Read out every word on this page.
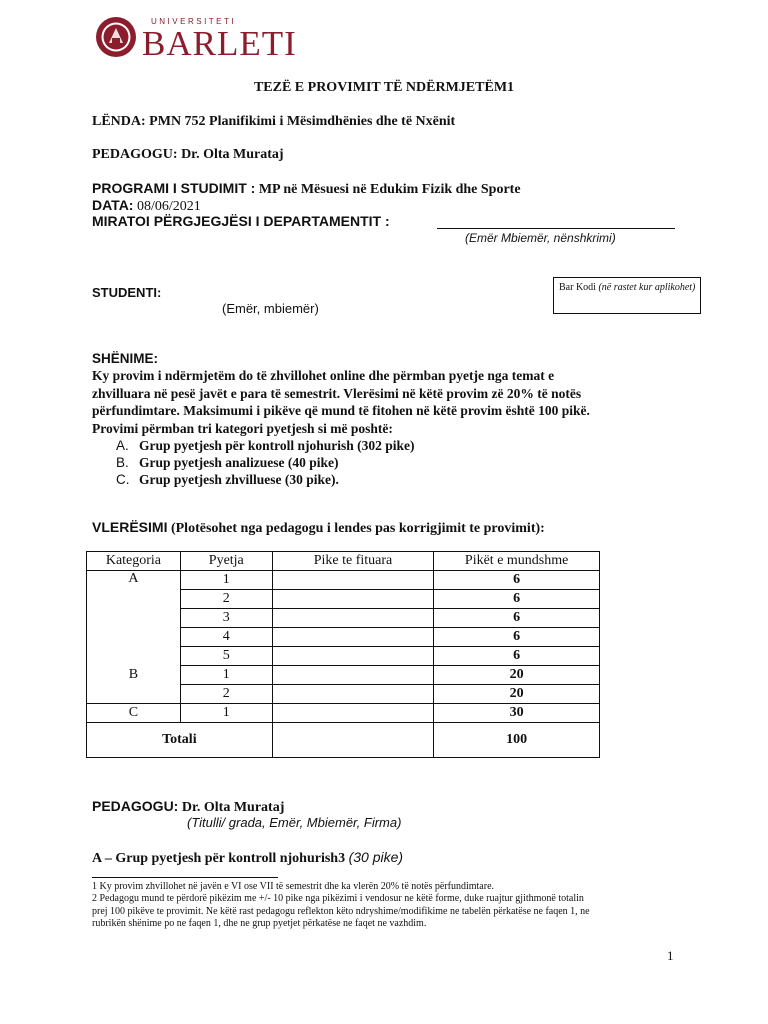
UNIVERSITETI
BARLETI
TEZË E PROVIMIT TË NDËRMJETËM1
LËNDA: PMN 752 Planifikimi i Mësimdhënies dhe të Nxënit
PEDAGOGU: Dr. Olta Murataj
PROGRAMI I STUDIMIT : MP në Mësuesi në Edukim Fizik dhe Sporte
DATA: 08/06/2021
MIRATOI PËRGJEGJËSI I DEPARTAMENTIT :
(Emër Mbiemër, nënshkrimi)
STUDENTI:
(Emër, mbiemër)
Bar Kodi (në rastet kur aplikohet)
SHËNIME:
Ky provim i ndërmjetëm do të zhvillohet online dhe përmban pyetje nga temat e
zhvilluara në pesë javët e para të semestrit. Vlerësimi në këtë provim zë 20% të notës
përfundimtare. Maksimumi i pikëve që mund të fitohen në këtë provim është 100 pikë.
Provimi përmban tri kategori pyetjesh si më poshtë:
A. Grup pyetjesh për kontroll njohurish (302 pike)
B. Grup pyetjesh analizuese (40 pike)
C. Grup pyetjesh zhvilluese (30 pike).
VLERËSIMI (Plotësohet nga pedagogu i lendes pas korrigjimit te provimit):
Kategoria	Pyetja	Pike te fituara	Pikët e mundshme
A	1		6
	2		6
	3		6
	4		6
	5		6
B	1		20
	2		20
C	1		30
Totali			100
PEDAGOGU: Dr. Olta Murataj
(Titulli/ grada, Emër, Mbiemër, Firma)
A – Grup pyetjesh për kontroll njohurish3 (30 pike)
1 Ky provim zhvillohet në javën e VI ose VII të semestrit dhe ka vlerën 20% të notës përfundimtare.
2 Pedagogu mund te përdorë pikëzim me +/- 10 pike nga pikëzimi i vendosur ne këtë forme, duke ruajtur gjithmonë totalin
prej 100 pikëve te provimit. Ne këtë rast pedagogu reflekton këto ndryshime/modifikime ne tabelën përkatëse ne faqen 1, ne
rubrikën shënime po ne faqen 1, dhe ne grup pyetjet përkatëse ne faqet ne vazhdim.
1
